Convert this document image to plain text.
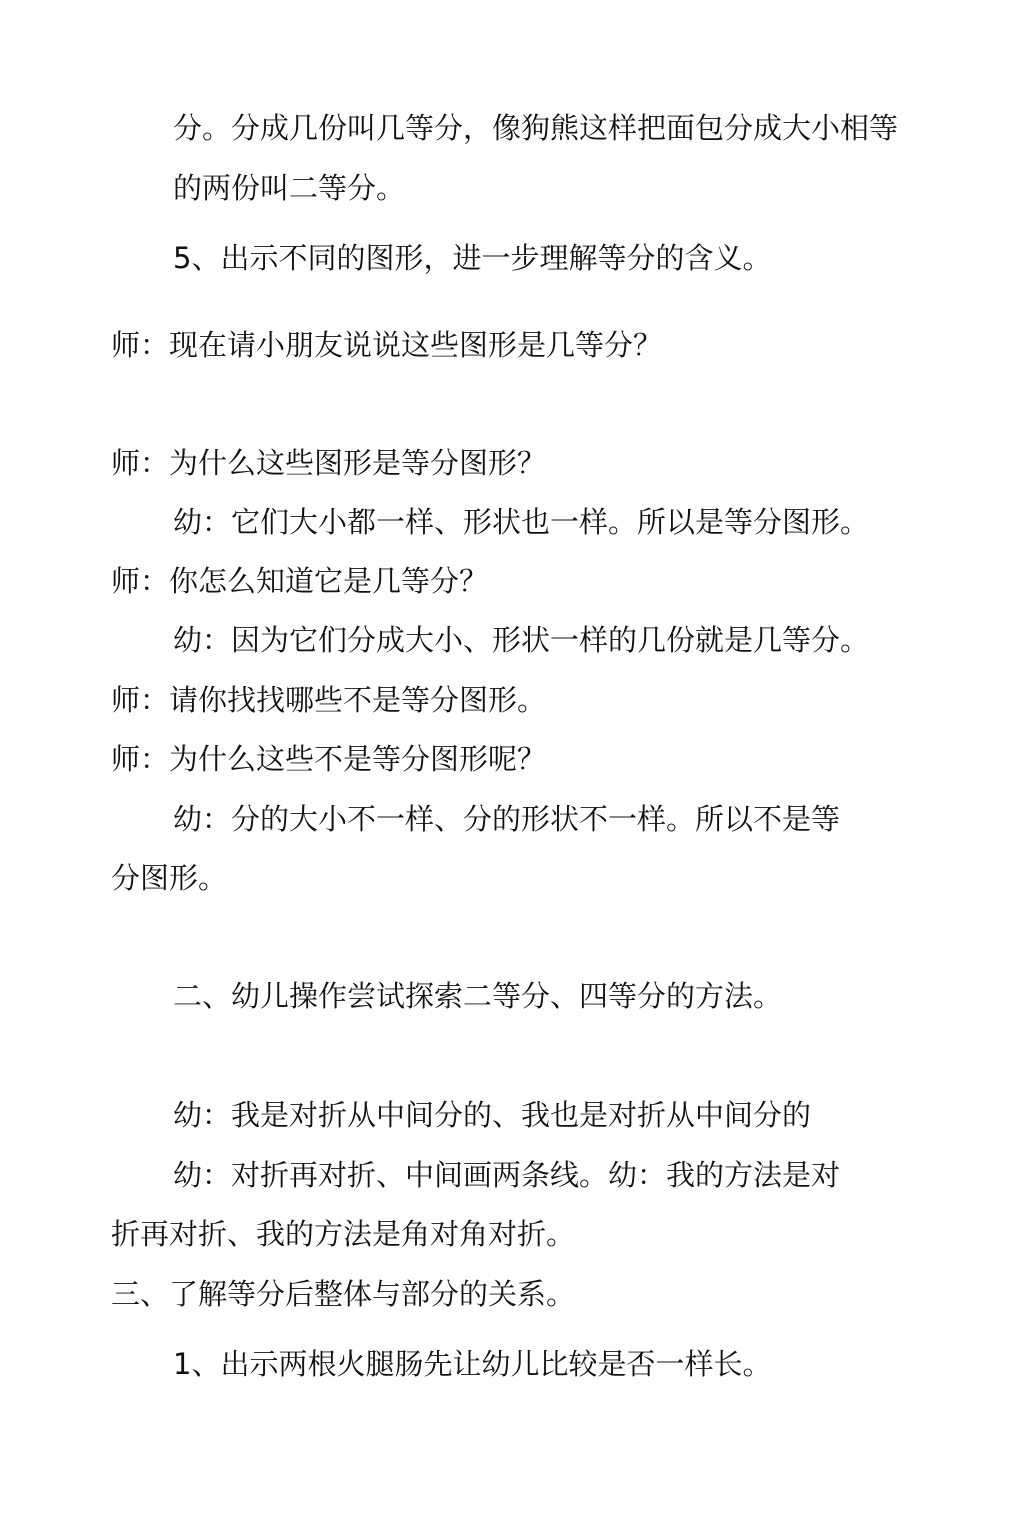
分。分成几份叫几等分，像狗熊这样把面包分成大小相等

的两份叫二等分。

5、出示不同的图形，进一步理解等分的含义。

师：现在请小朋友说说这些图形是几等分？

师：为什么这些图形是等分图形？

幼：它们大小都一样、形状也一样。所以是等分图形。

师：你怎么知道它是几等分？

幼：因为它们分成大小、形状一样的几份就是几等分。

师：请你找找哪些不是等分图形。

师：为什么这些不是等分图形呢？

幼：分的大小不一样、分的形状不一样。所以不是等

分图形。

二、幼儿操作尝试探索二等分、四等分的方法。

幼：我是对折从中间分的、我也是对折从中间分的

幼：对折再对折、中间画两条线。幼：我的方法是对

折再对折、我的方法是角对角对折。

三、了解等分后整体与部分的关系。

1、出示两根火腿肠先让幼儿比较是否一样长。
